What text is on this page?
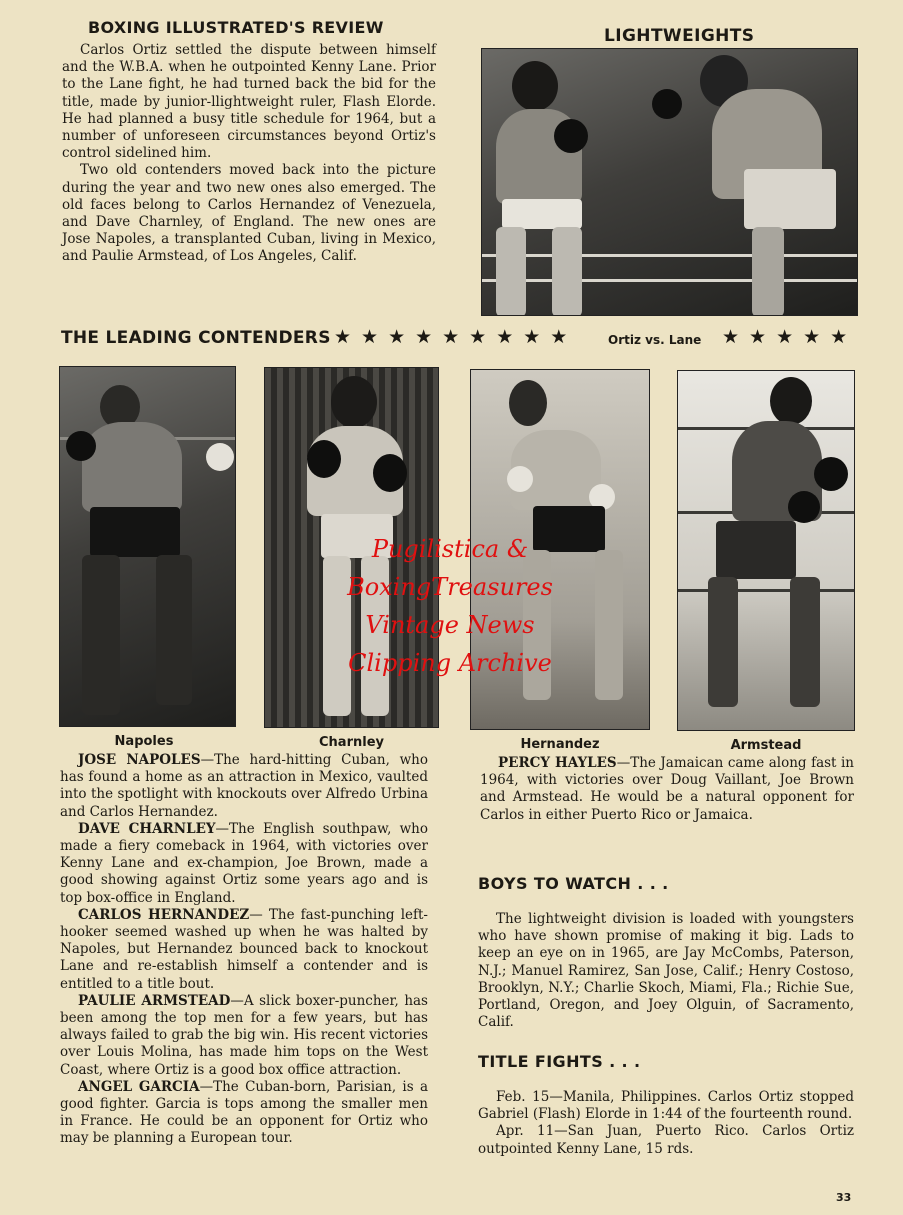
BOXING ILLUSTRATED'S REVIEW	LIGHTWEIGHTS

Carlos Ortiz settled the dispute between himself and the W.B.A. when he outpointed Kenny Lane. Prior to the Lane fight, he had turned back the bid for the title, made by junior-llightweight ruler, Flash Elorde. He had planned a busy title schedule for 1964, but a number of unforeseen circumstances beyond Ortiz's control sidelined him.

Two old contenders moved back into the picture during the year and two new ones also emerged. The old faces belong to Carlos Hernandez of Venezuela, and Dave Charnley, of England. The new ones are Jose Napoles, a transplanted Cuban, living in Mexico, and Paulie Armstead, of Los Angeles, Calif.

THE LEADING CONTENDERS ★★★★★★★★★	Ortiz vs. Lane ★★★★★
Napoles	Charnley	Hernandez	Armstead
Pugilistica &
BoxingTreasures
Vintage News
Clipping Archive

JOSE NAPOLES—The hard-hitting Cuban, who has found a home as an attraction in Mexico, vaulted into the spotlight with knockouts over Alfredo Urbina and Carlos Hernandez.

DAVE CHARNLEY—The English southpaw, who made a fiery comeback in 1964, with victories over Kenny Lane and ex-champion, Joe Brown, made a good showing against Ortiz some years ago and is top box-office in England.

CARLOS HERNANDEZ— The fast-punching left-hooker seemed washed up when he was halted by Napoles, but Hernandez bounced back to knockout Lane and re-establish himself a contender and is entitled to a title bout.

PAULIE ARMSTEAD—A slick boxer-puncher, has been among the top men for a few years, but has always failed to grab the big win. His recent victories over Louis Molina, has made him tops on the West Coast, where Ortiz is a good box office attraction.

ANGEL GARCIA—The Cuban-born, Parisian, is a good fighter. Garcia is tops among the smaller men in France. He could be an opponent for Ortiz who may be planning a European tour.

PERCY HAYLES—The Jamaican came along fast in 1964, with victories over Doug Vaillant, Joe Brown and Armstead. He would be a natural opponent for Carlos in either Puerto Rico or Jamaica.

BOYS TO WATCH . . .

The lightweight division is loaded with youngsters who have shown promise of making it big. Lads to keep an eye on in 1965, are Jay McCombs, Paterson, N.J.; Manuel Ramirez, San Jose, Calif.; Henry Costoso, Brooklyn, N.Y.; Charlie Skoch, Miami, Fla.; Richie Sue, Portland, Oregon, and Joey Olguin, of Sacramento, Calif.

TITLE FIGHTS . . .

Feb. 15—Manila, Philippines. Carlos Ortiz stopped Gabriel (Flash) Elorde in 1:44 of the fourteenth round.

Apr. 11—San Juan, Puerto Rico. Carlos Ortiz outpointed Kenny Lane, 15 rds.

33
